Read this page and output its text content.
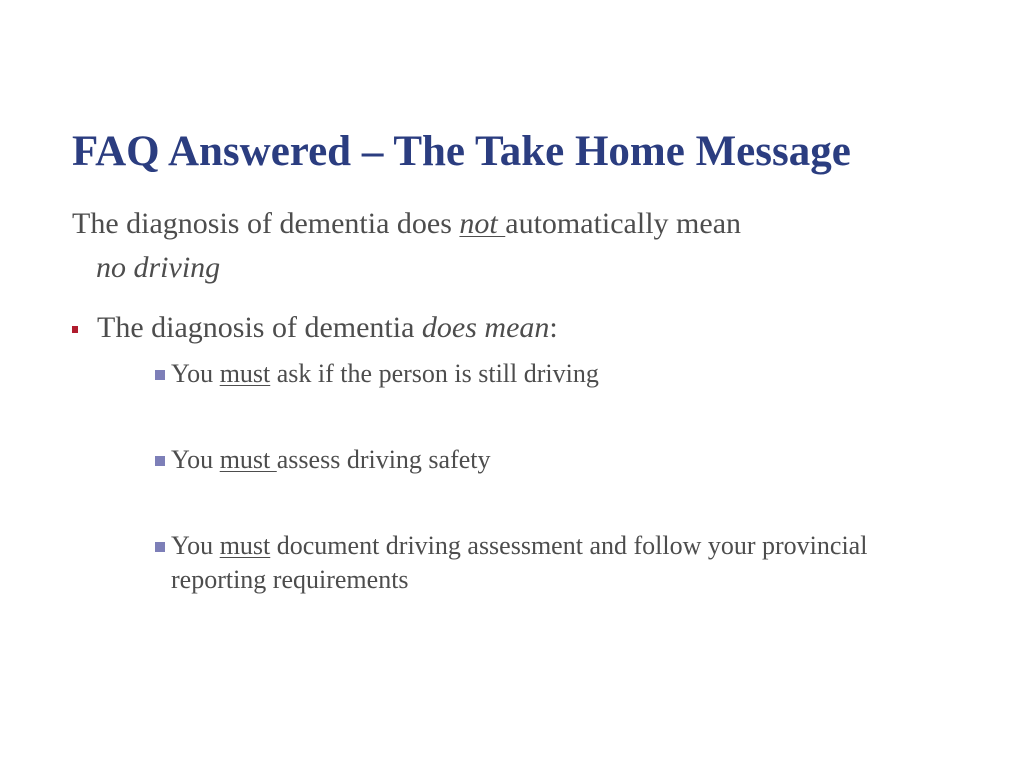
FAQ Answered – The Take Home Message
The diagnosis of dementia does not automatically mean
no driving
The diagnosis of dementia does mean:
You must ask if the person is still driving
You must assess driving safety
You must document driving assessment and follow your provincial reporting requirements
